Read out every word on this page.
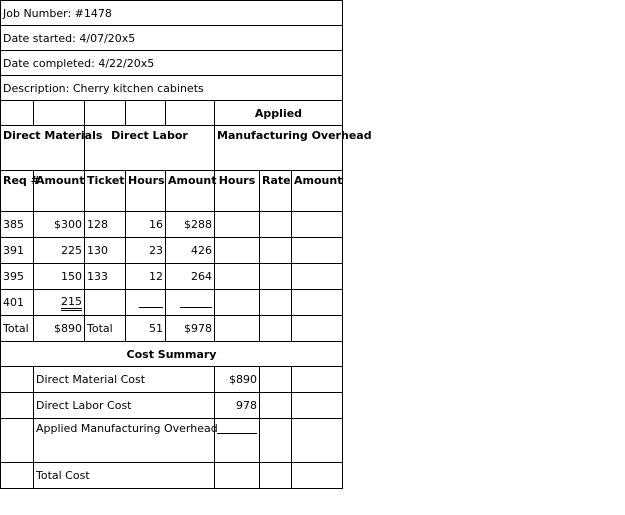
Job Number: #1478							
Date started: 4/07/20x5							
Date completed: 4/22/20x5							
Description: Cherry kitchen cabinets							
					Applied		
Direct Materials		Direct Labor			Manufacturing Overhead		
Req #	Amount	Ticket	Hours	Amount	Hours	Rate	Amount
385	$300	128	16	$288			
391	225	130	23	426			
395	150	133	12	264			
401	215						
Total	$890	Total	51	$978			
Cost Summary							
	Direct Material Cost				$890		
	Direct Labor Cost				978		
	Applied Manufacturing Overhead						
	Total Cost						
